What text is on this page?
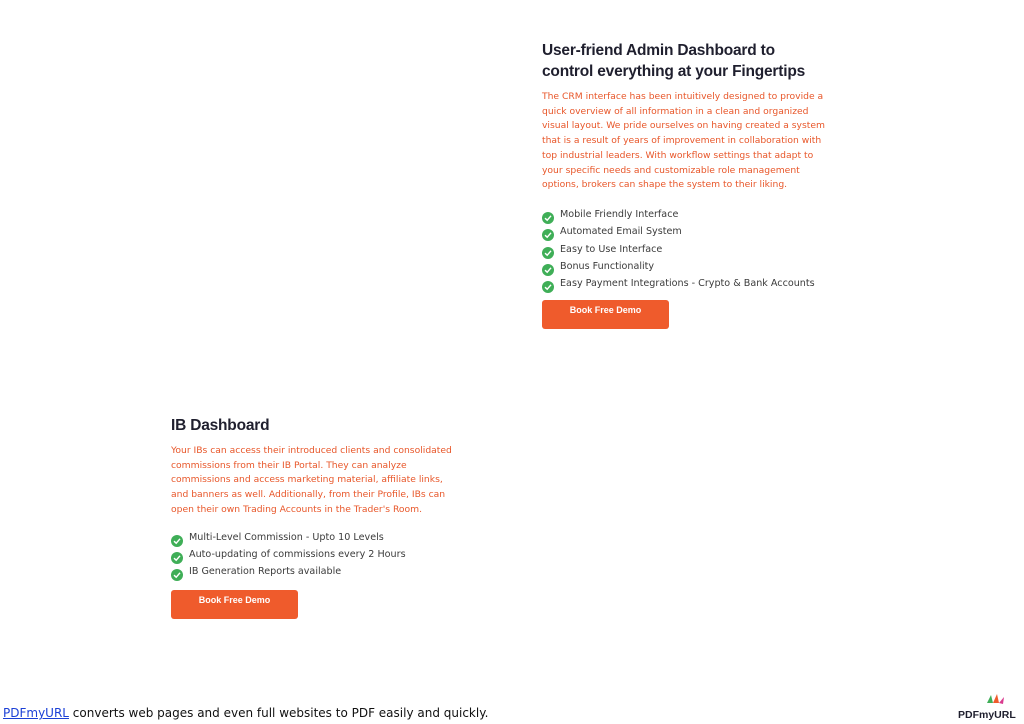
User-friend Admin Dashboard to
control everything at your Fingertips

The CRM interface has been intuitively designed to provide a
quick overview of all information in a clean and organized
visual layout. We pride ourselves on having created a system
that is a result of years of improvement in collaboration with
top industrial leaders. With workflow settings that adapt to
your specific needs and customizable role management
options, brokers can shape the system to their liking.

Mobile Friendly Interface
Automated Email System
Easy to Use Interface
Bonus Functionality
Easy Payment Integrations - Crypto & Bank Accounts
Book Free Demo
IB Dashboard

Your IBs can access their introduced clients and consolidated
commissions from their IB Portal. They can analyze
commissions and access marketing material, affiliate links,
and banners as well. Additionally, from their Profile, IBs can
open their own Trading Accounts in the Trader's Room.

Multi-Level Commission - Upto 10 Levels
Auto-updating of commissions every 2 Hours
IB Generation Reports available
Book Free Demo
PDFmyURL converts web pages and even full websites to PDF easily and quickly.	PDFmyURL
